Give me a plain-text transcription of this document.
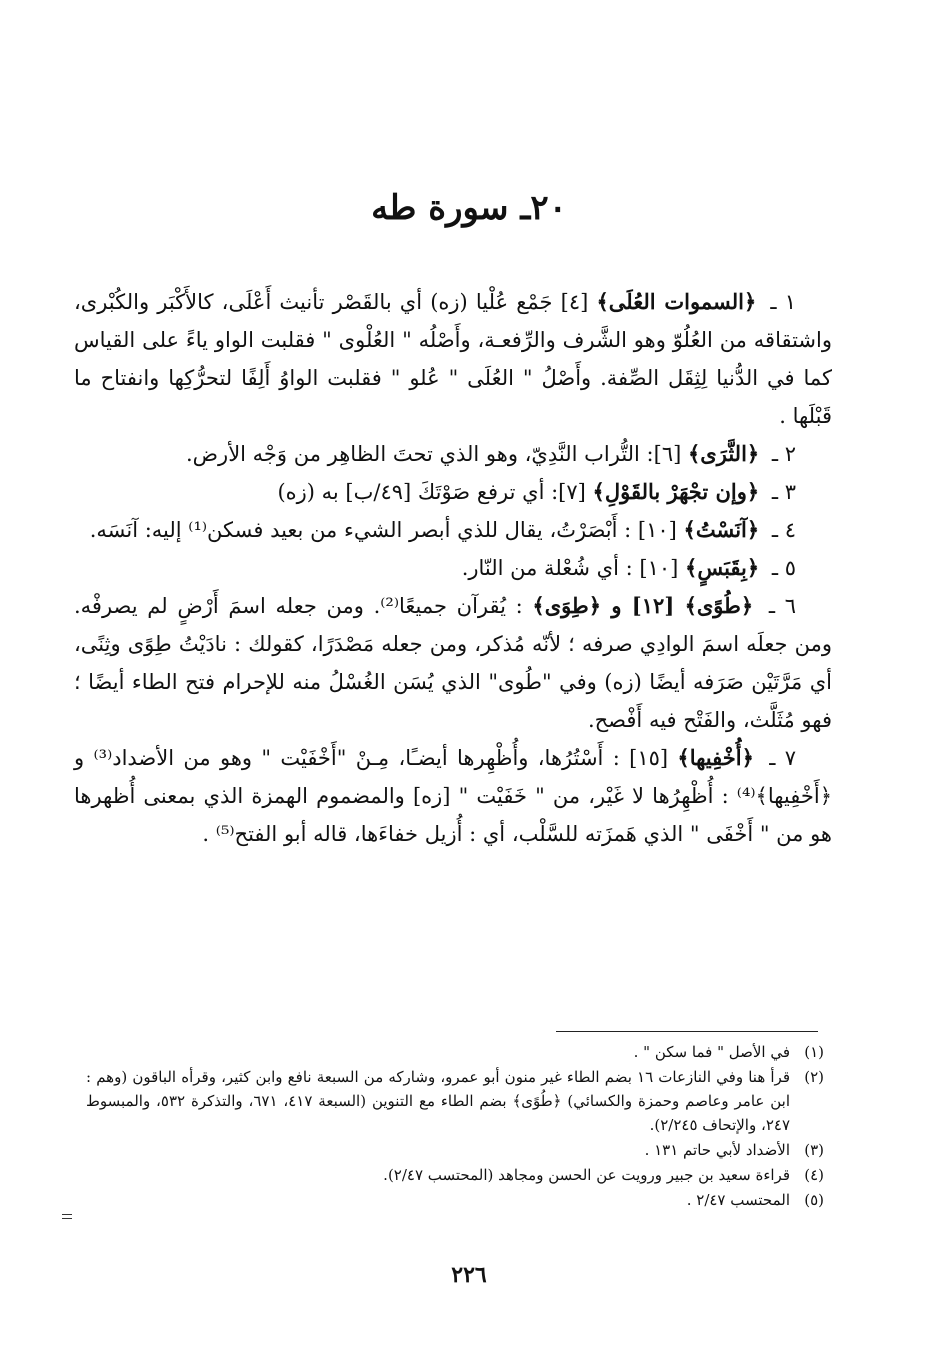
٢٠ـ سورة طه

١ ـ ﴿السموات العُلَى﴾ [٤] جَمْع عُلْيا (زه) أي بالقَصْر تأنيث أَعْلَى، كالأَكْبَر والكُبْرى، واشتقاقه من العُلُوّ وهو الشَّرف والرِّفعـة، وأَصْلُه " العُلْوى " فقلبت الواو ياءً على القياس كما في الدُّنيا لِثِقَل الصِّفة. وأَصْلُ " العُلَى " عُلو " فقلبت الواوُ أَلِفًا لتحرُّكِها وانفتاح ما قَبْلَها .

٢ ـ ﴿الثَّرَى﴾ [٦]: التُّراب النَّدِيّ، وهو الذي تحتَ الظاهِر من وَجْه الأرض.

٣ ـ ﴿وإن تجْهَرْ بالقَوْلِ﴾ [٧]: أي ترفع صَوْتَكَ [٤٩/ب] به (زه)

٤ ـ ﴿آنَسْتُ﴾ [١٠] : أَبْصَرْتُ، يقال للذي أبصر الشيء من بعيد فسكن⁽¹⁾ إليه: آنَسَه.

٥ ـ ﴿بِقَبَسٍ﴾ [١٠] : أي شُعْلة من النّار.

٦ ـ ﴿طُوًى﴾ [١٢] و ﴿طِوَى﴾ : يُقرآن جميعًا⁽²⁾. ومن جعله اسمَ أَرْضٍ لم يصرفْه. ومن جعلَه اسمَ الوادِي صرفه ؛ لأنّه مُذكر، ومن جعله مَصْدَرًا، كقولك : نادَيْتُ طِوًى وثِنًى، أي مَرَّتَيْن صَرَفه أيضًا (زه) وفي "طُوى" الذي يُسَن الغُسْلُ منه للإحرام فتح الطاء أيضًا ؛ فهو مُثَلَّث، والفَتْح فيه أَفْصح.

٧ ـ ﴿أُخْفِيها﴾ [١٥] : أَسْتُرُها، وأُظْهِرها أيضـًا، مِـنْ "أَخْفَيْت " وهو من الأضداد⁽³⁾ و ﴿أَخْفِيها﴾⁽⁴⁾ : أُظْهِرُها لا غَيْر، من " خَفَيْت " [زه] والمضموم الهمزة الذي بمعنى أُظهرها هو من " أَخْفَى " الذي هَمزَته للسَّلْب، أي : أُزيل خفاءَها، قاله أبو الفتح⁽⁵⁾ .

(١)
في الأصل " فما سكن " .
(٢)
قرأ هنا وفي النازعات ١٦ بضم الطاء غير منون أبو عمرو، وشاركه من السبعة نافع وابن كثير، وقرأه الباقون (وهم : ابن عامر وعاصم وحمزة والكسائي) ﴿طُوًى﴾ بضم الطاء مع التنوين (السبعة ٤١٧، ٦٧١، والتذكرة ٥٣٢، والمبسوط ٢٤٧، والإتحاف ٢/٢٤٥).
(٣)
الأضداد لأبي حاتم ١٣١ .
(٤)
قراءة سعيد بن جبير ورويت عن الحسن ومجاهد (المحتسب ٢/٤٧).
(٥)
المحتسب ٢/٤٧ .
٢٢٦
